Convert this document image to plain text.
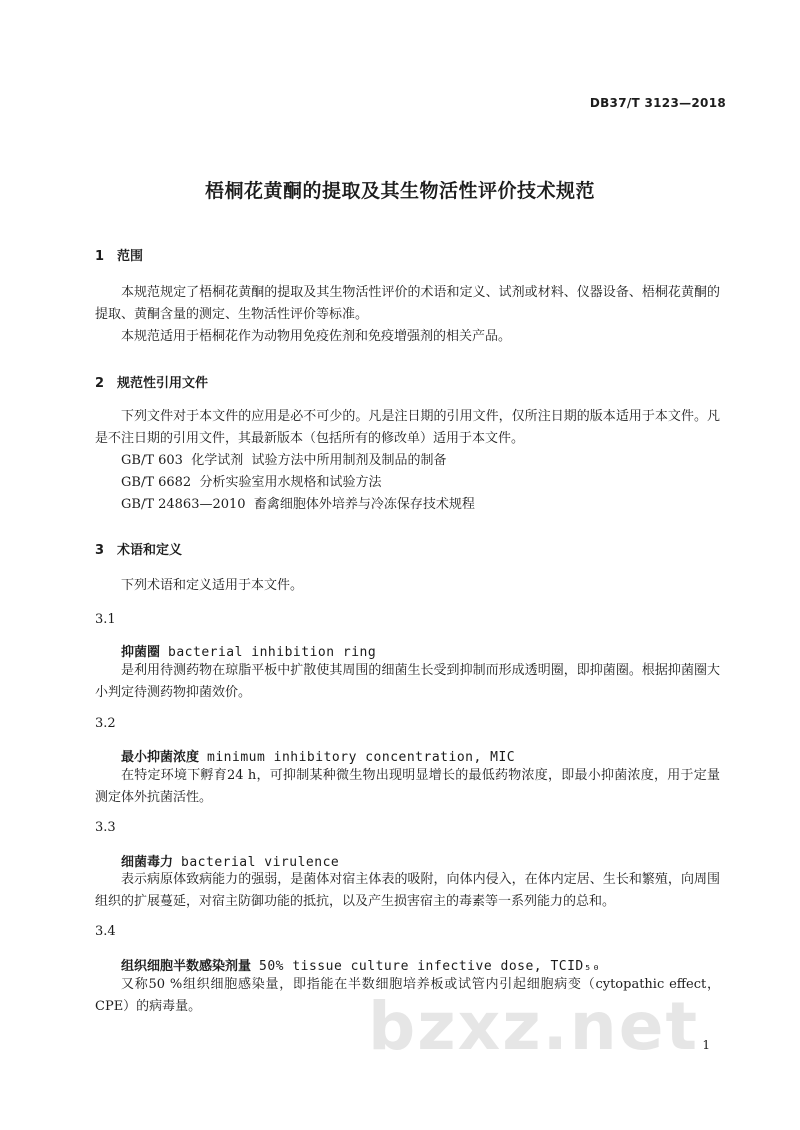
DB37/T 3123—2018
梧桐花黄酮的提取及其生物活性评价技术规范
1 范围
本规范规定了梧桐花黄酮的提取及其生物活性评价的术语和定义、试剂或材料、仪器设备、梧桐花黄酮的提取、黄酮含量的测定、生物活性评价等标准。
本规范适用于梧桐花作为动物用免疫佐剂和免疫增强剂的相关产品。
2 规范性引用文件
下列文件对于本文件的应用是必不可少的。凡是注日期的引用文件，仅所注日期的版本适用于本文件。凡是不注日期的引用文件，其最新版本（包括所有的修改单）适用于本文件。
GB/T 603  化学试剂  试验方法中所用制剂及制品的制备
GB/T 6682  分析实验室用水规格和试验方法
GB/T 24863—2010  畜禽细胞体外培养与冷冻保存技术规程
3 术语和定义
下列术语和定义适用于本文件。
3.1
抑菌圈 bacterial inhibition ring
是利用待测药物在琼脂平板中扩散使其周围的细菌生长受到抑制而形成透明圈，即抑菌圈。根据抑菌圈大小判定待测药物抑菌效价。
3.2
最小抑菌浓度 minimum inhibitory concentration, MIC
在特定环境下孵育24 h，可抑制某种微生物出现明显增长的最低药物浓度，即最小抑菌浓度，用于定量测定体外抗菌活性。
3.3
细菌毒力 bacterial virulence
表示病原体致病能力的强弱，是菌体对宿主体表的吸附，向体内侵入，在体内定居、生长和繁殖，向周围组织的扩展蔓延，对宿主防御功能的抵抗，以及产生损害宿主的毒素等一系列能力的总和。
3.4
组织细胞半数感染剂量 50% tissue culture infective dose, TCID₅₀
又称50 %组织细胞感染量，即指能在半数细胞培养板或试管内引起细胞病变（cytopathic effect，CPE）的病毒量。	bzxz.net 1
